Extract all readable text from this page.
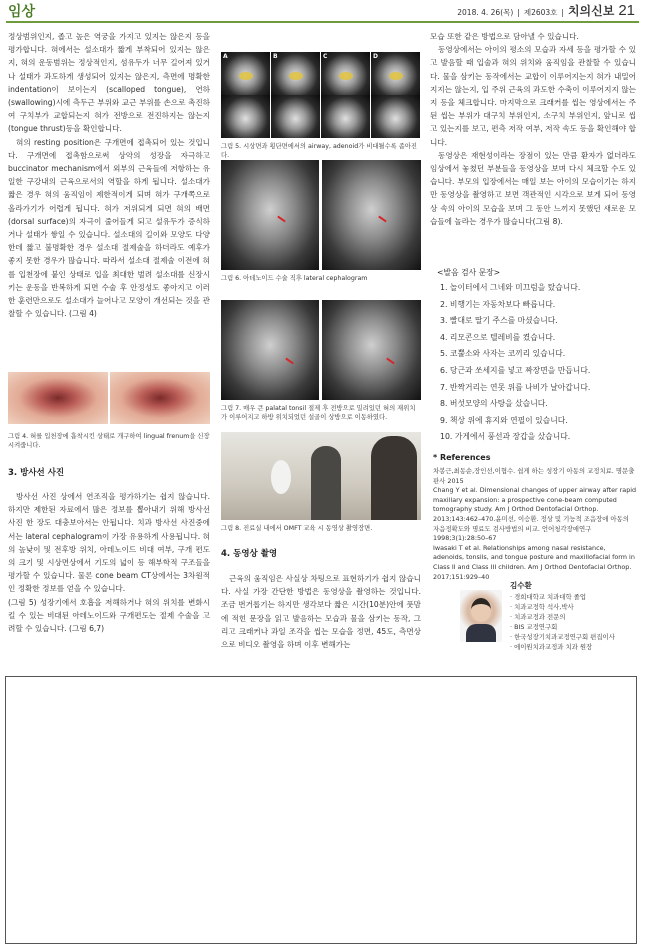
임상	2018. 4. 26(목) | 제2603호 | 치의신보 21

정상범위인지, 좁고 높은 역궁을 가지고 있지는 않은지 등을 평가합니다. 혀에서는 설소대가 짧게 부착되어 있지는 않은지, 혀의 운동범위는 정상적인지, 섬유두가 너무 길어져 있거나 설태가 과도하게 생성되어 있지는 않은지, 측면에 명확한 indentation이 보이는지 (scalloped tongue), 연하(swallowing)시에 측두근 부위와 교근 부위를 손으로 촉진하여 구치부가 교합되는지 혀가 전방으로 전진하지는 않는지(tongue thrust)등을 확인합니다.

혀의 resting position은 구개면에 접촉되어 있는 것입니다. 구개면에 접촉함으로써 상악의 성장을 자극하고 buccinator mechanism에서 외부의 근육들에 저항하는 유일한 구강내의 근육으로서의 역할을 하게 됩니다. 설소대가 짧은 경우 혀의 움직임이 제한적이게 되며 혀가 구개쪽으로 올라가기가 어렵게 됩니다. 혀가 저위되게 되면 혀의 배면(dorsal surface)의 자극이 줄어들게 되고 설유두가 증식하거나 설태가 쌓일 수 있습니다. 설소대의 길이와 모양도 다양한데 짧고 불명확한 경우 설소대 절제술을 하더라도 예후가 좋지 못한 경우가 많습니다. 따라서 설소대 절제술 이전에 혀를 입천장에 붙인 상태로 입을 최대한 벌려 설소대를 신장시키는 운동을 반복하게 되면 수술 후 안정성도 좋아지고 이러한 훈련만으로도 설소대가 늘어나고 모양이 개선되는 것을 관찰할 수 있습니다. (그림 4)

그림 4. 혀를 입천장에 흡착시킨 상태로 개구하여 lingual frenum을 신장시켜줍니다.
3. 방사선 사진

방사선 사진 상에서 연조직을 평가하기는 쉽지 않습니다. 하지만 제한된 자료에서 많은 정보를 뽑아내기 위해 방사선 사진 한 장도 대충보아서는 안됩니다. 치과 방사선 사진중에서는 lateral cephalogram이 가장 유용하게 사용됩니다. 혀의 높낮이 및 전후방 위치, 아데노이드 비대 여부, 구개 편도의 크기 및 시상면상에서 기도의 넓이 등 해부학적 구조들을 평가할 수 있습니다. 물론 cone beam CT상에서는 3차원적인 정확한 정보를 얻을 수 있습니다.

(그림 5) 성장기에서 호흡을 저해하거나 혀의 위치를 변화시킬 수 있는 비대된 아데노이드와 구개편도는 절제 수술을 고려할 수 있습니다. (그림 6,7)

A	B	C	D
그림 5. 시상면과 횡단면에서의 airway, adenoid가 비대될수록 좁아진다.
그림 6. 아데노이드 수술 직후 lateral cephalogram
그림 7. 매우 큰 palatal tonsil 절제 후 전방으로 밀려있던 혀의 재위치가 이루어지고 하방 위치되었던 설골이 상방으로 이동하였다.
그림 8. 진료실 내에서 OMFT 교육 시 동영상 촬영장면.
4. 동영상 촬영

근육의 움직임은 사실상 차팅으로 표현하기가 쉽지 않습니다. 사실 가장 간단한 방법은 동영상을 촬영하는 것입니다. 조금 번거롭기는 하지만 생각보다 짧은 시간(10분)안에 풋맘에 적힌 문장을 읽고 발음하는 모습과 물을 삼키는 동작, 그리고 크래커나 과일 조각을 씹는 모습을 정면, 45도, 측면상으로 비디오 촬영을 하며 이후 변해가는

모습 또한 같은 방법으로 담아낼 수 있습니다.

동영상에서는 아이의 평소의 모습과 자세 등을 평가할 수 있고 발음할 때 입술과 혀의 위치와 움직임을 관찰할 수 있습니다. 물을 삼키는 동작에서는 교합이 이루어지는지 혀가 내밀어지지는 않는지, 입 주위 근육의 과도한 수축이 이루어지지 않는지 등을 체크합니다. 마지막으로 크래커를 씹는 영상에서는 주된 씹는 부위가 대구치 부위인지, 소구치 부위인지, 앞니로 씹고 있는지를 보고, 편측 저작 여부, 저작 속도 등을 확인해야 합니다.

동영상은 재현성이라는 장점이 있는 만큼 환자가 없더라도 임상에서 놓쳤던 부분들을 동영상을 보며 다시 체크할 수도 있습니다. 부모의 입장에서는 매일 보는 아이의 모습이기는 하지만 동영상을 촬영하고 보면 객관적인 시각으로 보게 되어 동영상 속의 아이의 모습을 보며 그 동안 느끼지 못했던 새로운 모습들에 놀라는 경우가 많습니다(그림 8).

<발음 검사 문장>
1. 놀이터에서 그네와 미끄럼을 탔습니다.
2. 비행기는 자동차보다 빠릅니다.
3. 빨대로 딸기 주스를 마셨습니다.
4. 리모콘으로 텔레비를 켰습니다.
5. 코뿔소와 사자는 코끼리 있습니다.
6. 당근과 쏘세지를 넣고 짜장면을 만듭니다.
7. 반짝거리는 연못 위를 나비가 날아갑니다.
8. 버섯모양의 사탕을 샀습니다.
9. 책상 위에 휴지와 연필이 있습니다.
10. 가게에서 풍선과 장갑을 샀습니다.
* References
차봉근,최동순,장인선,이협수. 쉽게 하는 성장기 아동의 교정치료. 명문출판사 2015
Chang Y et al. Dimensional changes of upper airway after rapid maxillary expansion: a prospective cone-beam computed tomography study. Am J Orthod Dentofacial Orthop. 2013;143:462–470.윤미선, 이승환. 정상 및 기능적 조음장애 아동의 자음정확도와 명료도 검사방법의 비교. 언어청각장애연구 1998;3(1):28:50–67
Iwasaki T et al. Relationships among nasal resistance, adenoids, tonsils, and tongue posture and maxillofacial form in Class II and Class III children. Am J Orthod Dentofacial Orthop. 2017;151:929–40
김수환
· 경희대학교 치과대학 졸업
· 치과교정학 석사,박사
· 치과교정과 전문의
· BIS 교정연구회
· 한국성장기치과교정연구회 편집이사
· 에이원치과교정과 치과 원장
